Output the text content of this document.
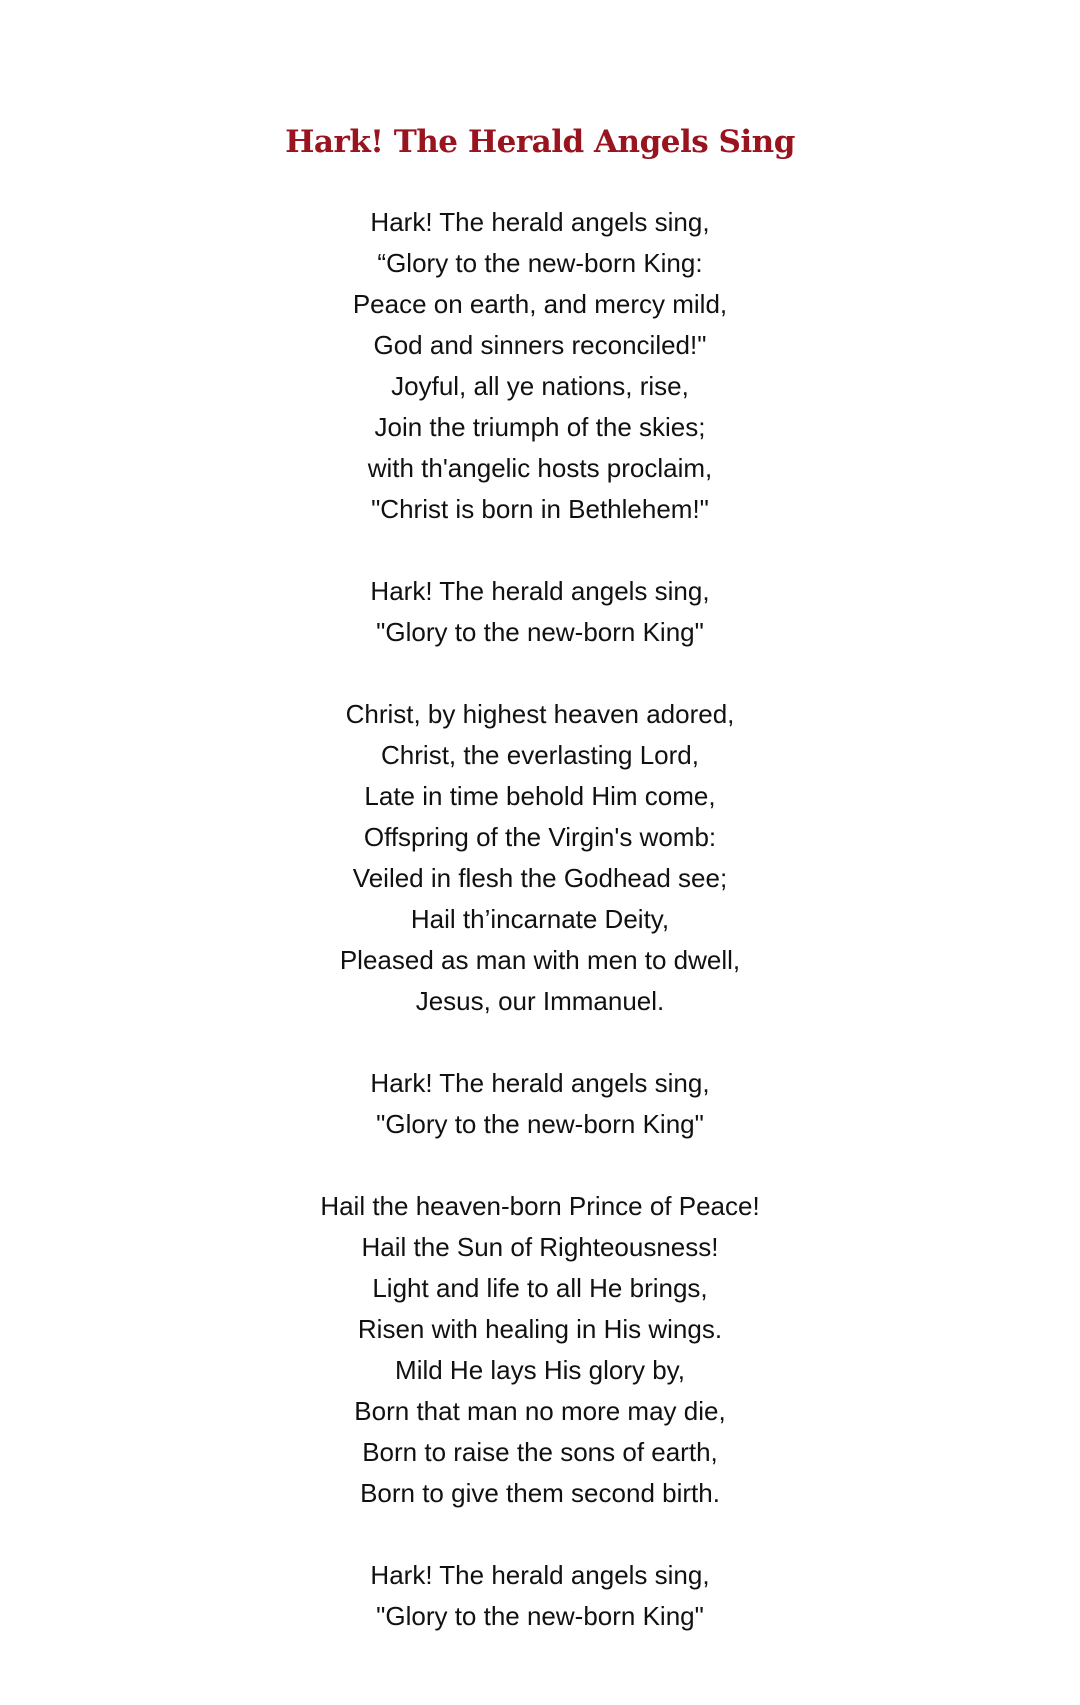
Hark! The Herald Angels Sing

Hark! The herald angels sing,

“Glory to the new-born King:

Peace on earth, and mercy mild,

God and sinners reconciled!"

Joyful, all ye nations, rise,

Join the triumph of the skies;

with th'angelic hosts proclaim,

"Christ is born in Bethlehem!"

Hark! The herald angels sing,

"Glory to the new-born King"

Christ, by highest heaven adored,

Christ, the everlasting Lord,

Late in time behold Him come,

Offspring of the Virgin's womb:

Veiled in flesh the Godhead see;

Hail th’incarnate Deity,

Pleased as man with men to dwell,

Jesus, our Immanuel.

Hark! The herald angels sing,

"Glory to the new-born King"

Hail the heaven-born Prince of Peace!

Hail the Sun of Righteousness!

Light and life to all He brings,

Risen with healing in His wings.

Mild He lays His glory by,

Born that man no more may die,

Born to raise the sons of earth,

Born to give them second birth.

Hark! The herald angels sing,

"Glory to the new-born King"
